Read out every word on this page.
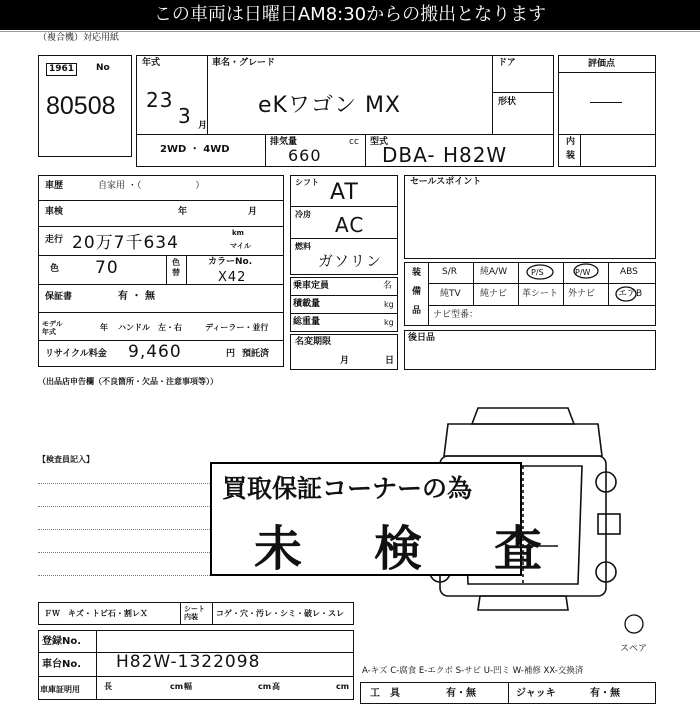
この車両は日曜日AM8:30からの搬出となります
（複合機）対応用紙
1961	No
80508
年式
23
3 月
車名・グレード
eKワゴン MX
ドア
形状
2WD ・ 4WD
排気量	cc
660
型式
DBA- H82W
評価点
内
装
車歴	自家用 ・（　　　　　　）
車検	年	月
走行 20万7千634	km
マイル
色 70	色替
カラーNo.
X42
保証書	有 ・ 無
モデル年式	年 ハンドル　左・右	ディーラー・並行
リサイクル料金 9,460	円 預託済
シフト AT
冷房 AC
燃料
ガソリン
乗車定員	名
積載量	kg
総重量	kg
名変期限
月	日
セールスポイント
装
備
品
S/R	純A/W	P/S	P/W	ABS
純TV 純ナビ 革シート 外ナビ	エアB
ナビ型番：
後日品
（出品店申告欄（不良箇所・欠品・注意事項等））
【検査員記入】
買取保証コーナーの為
未　検　査
ＦＷ　キズ・トビ石・割レＸ	シート内装	コゲ・穴・汚レ・シミ・破レ・スレ
登録No.
車台No. H82W-1322098
車庫証明用	長	cm 幅	cm 高	cm
スペア
A-キズ C-腐食 E-エクボ S-サビ U-凹ミ W-補修 XX-交換済
工　具	有・無	ジャッキ	有・無
